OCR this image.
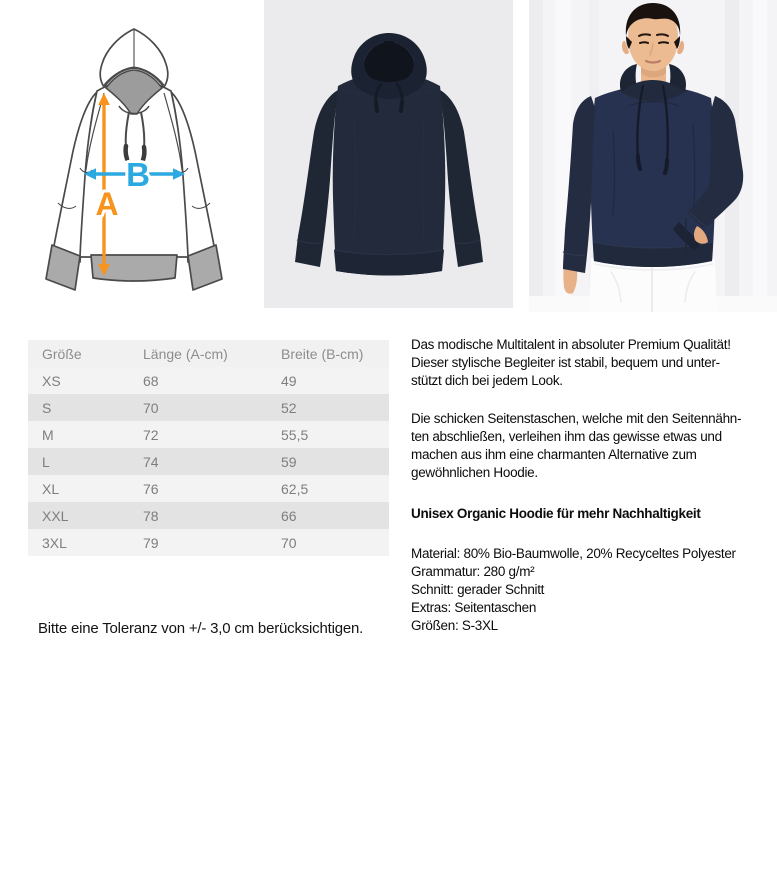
A
B
Größe	Länge (A-cm)	Breite (B-cm)
XS	68	49
S	70	52
M	72	55,5
L	74	59
XL	76	62,5
XXL	78	66
3XL	79	70

Bitte eine Toleranz von +/- 3,0 cm berücksichtigen.

Das modische Multitalent in absoluter Premium Qualität!
Dieser stylische Begleiter ist stabil, bequem und unter-
stützt dich bei jedem Look.
Die schicken Seitenstaschen, welche mit den Seitennähn-
ten abschließen, verleihen ihm das gewisse etwas und
machen aus ihm eine charmanten Alternative zum
gewöhnlichen Hoodie.
Unisex Organic Hoodie für mehr Nachhaltigkeit
Material: 80% Bio-Baumwolle, 20% Recyceltes Polyester
Grammatur: 280 g/m²
Schnitt: gerader Schnitt
Extras: Seitentaschen
Größen: S-3XL
